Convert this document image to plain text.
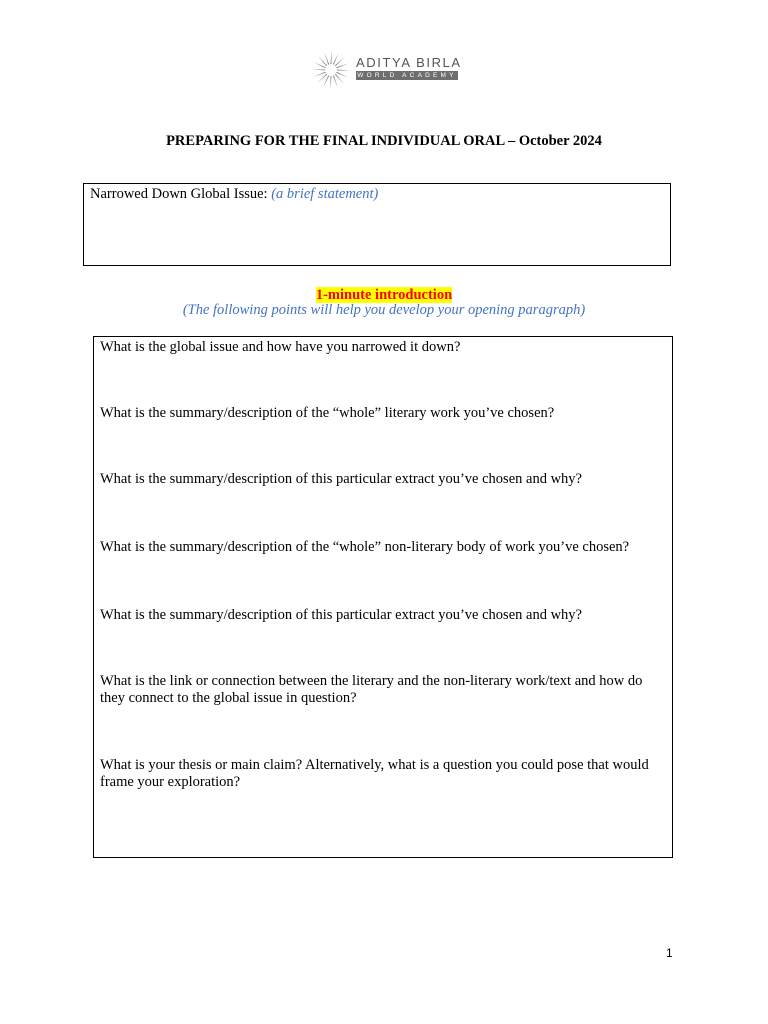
ADITYA BIRLA
WORLD ACADEMY
PREPARING FOR THE FINAL INDIVIDUAL ORAL – October 2024
Narrowed Down Global Issue: (a brief statement)
1-minute introduction
(The following points will help you develop your opening paragraph)
What is the global issue and how have you narrowed it down?
What is the summary/description of the “whole” literary work you’ve chosen?
What is the summary/description of this particular extract you’ve chosen and why?
What is the summary/description of the “whole” non-literary body of work you’ve chosen?
What is the summary/description of this particular extract you’ve chosen and why?
What is the link or connection between the literary and the non-literary work/text and how do they connect to the global issue in question?
What is your thesis or main claim? Alternatively, what is a question you could pose that would frame your exploration?
1
